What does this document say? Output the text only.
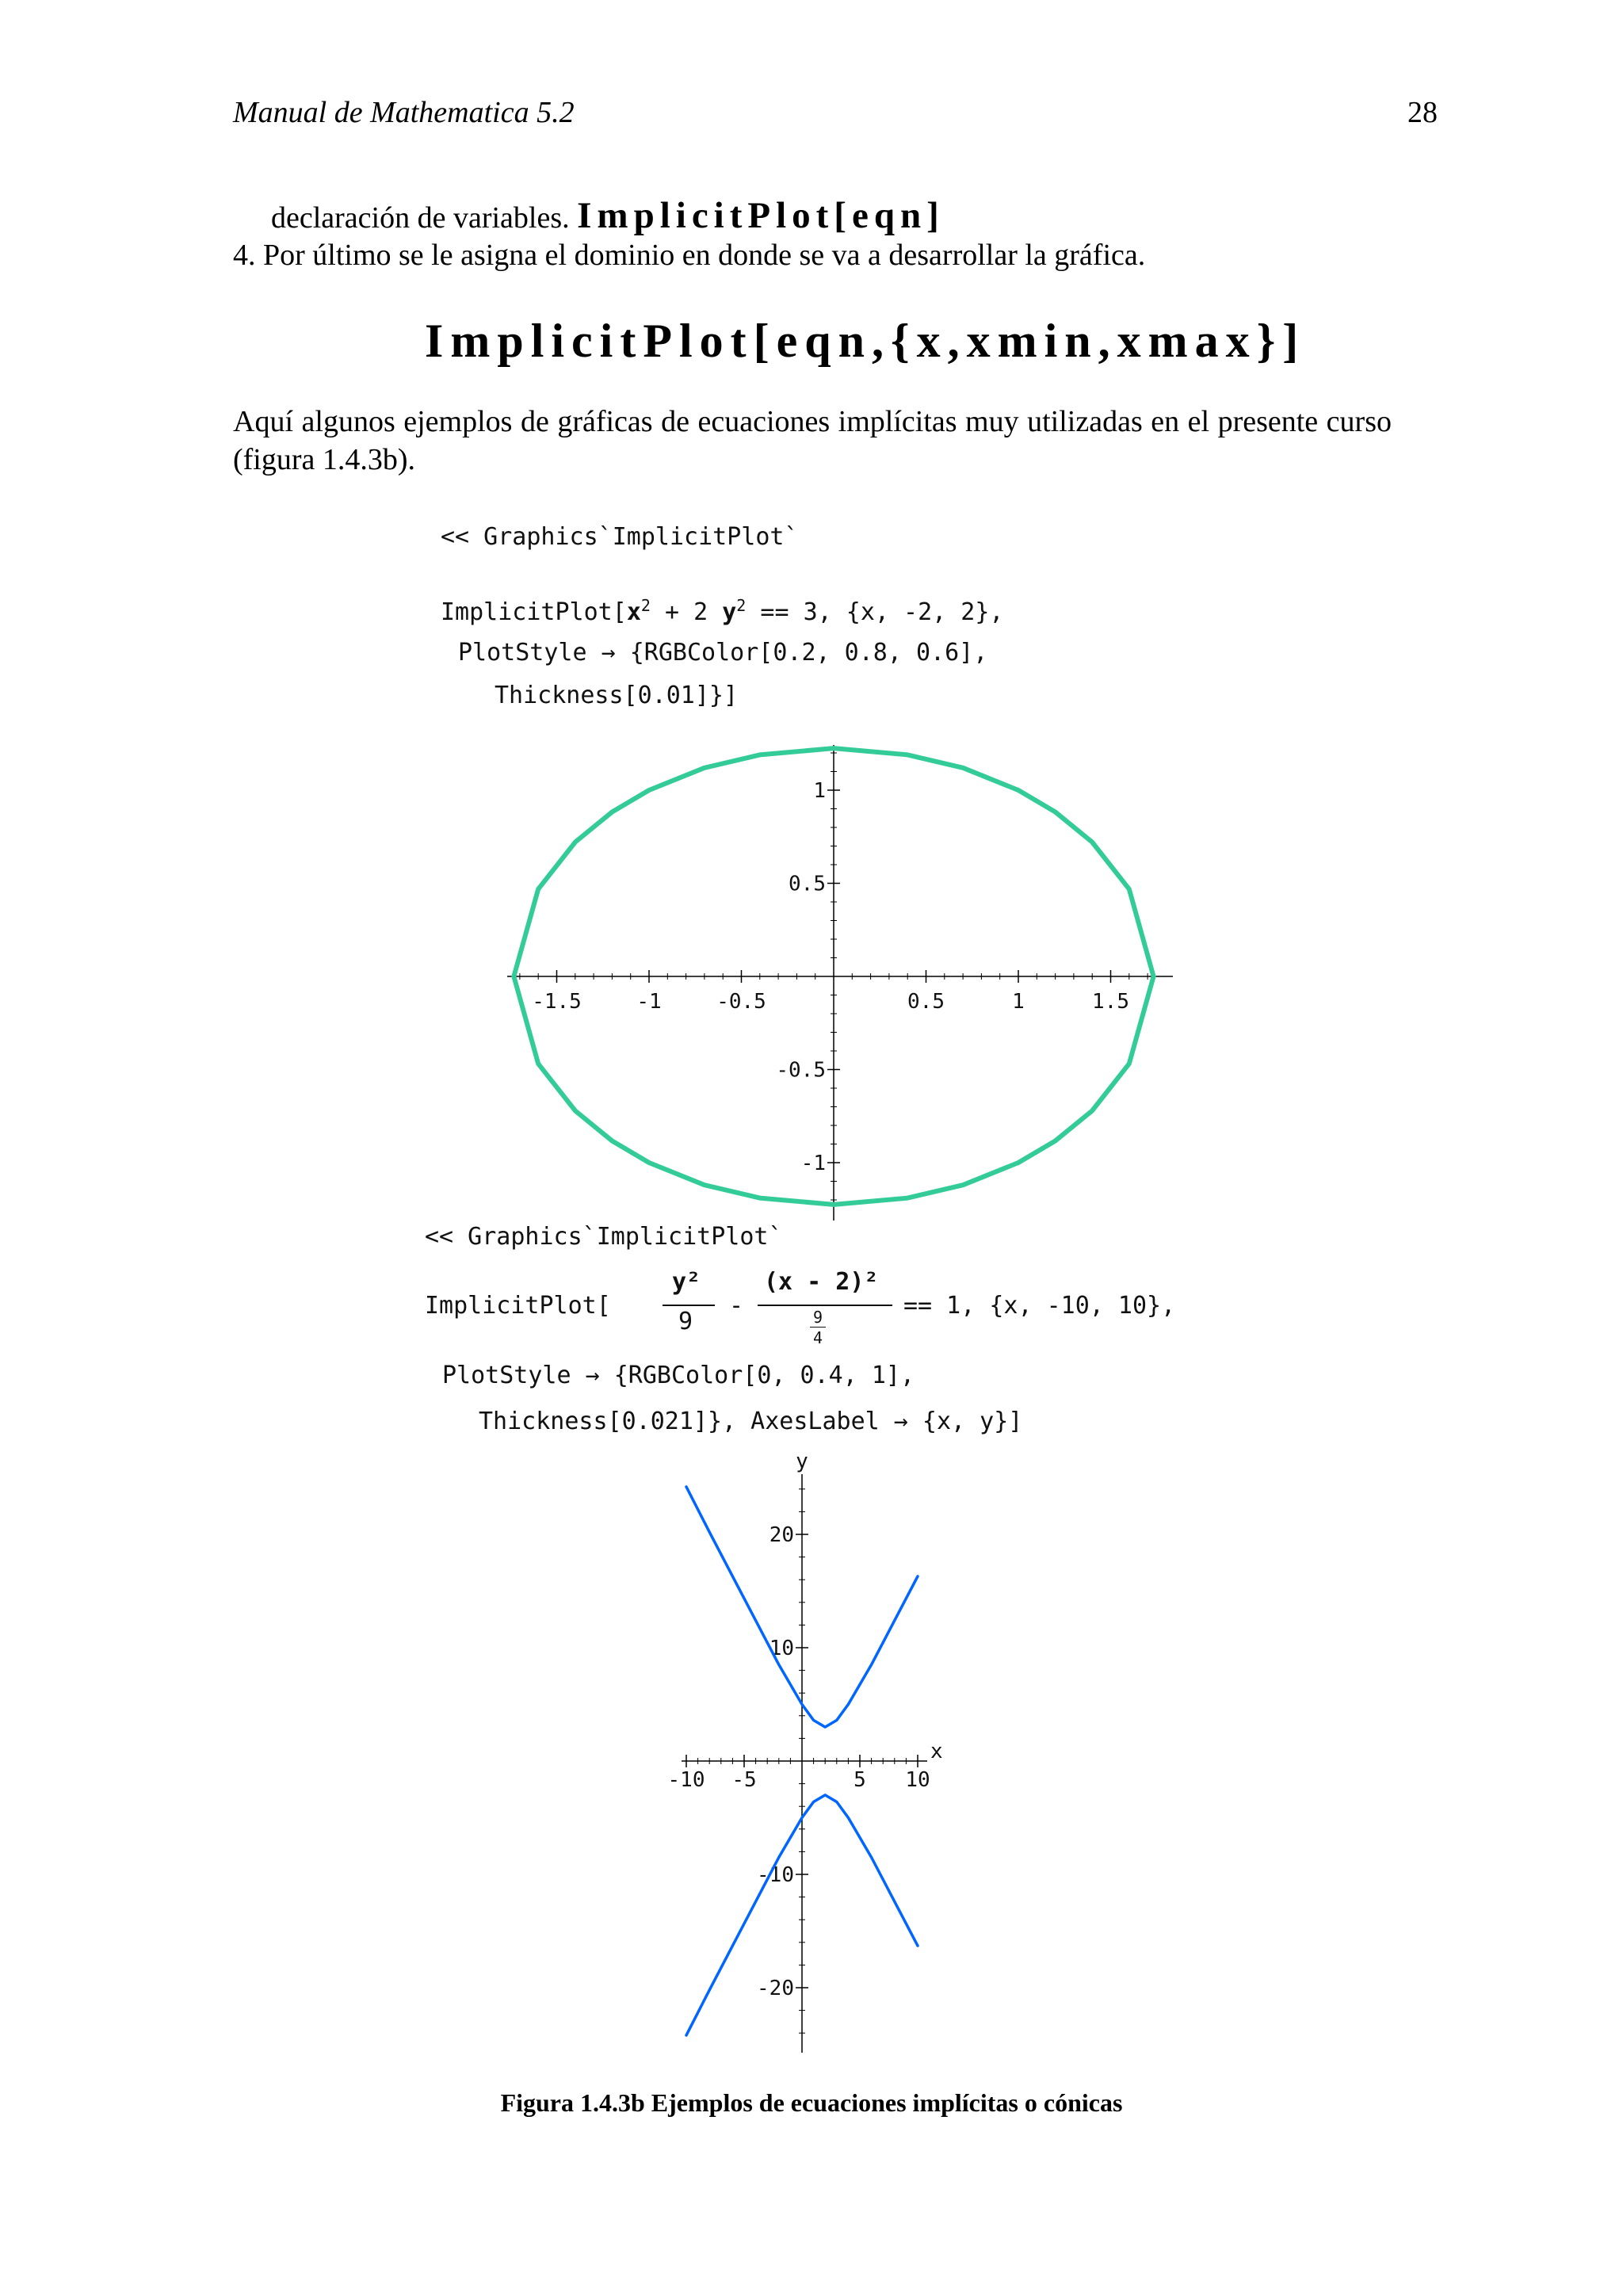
Manual de Mathematica 5.2	28
declaración de variables. ImplicitPlot[eqn]
4. Por último se le asigna el dominio en donde se va a desarrollar la gráfica.
ImplicitPlot[eqn,{x,xmin,xmax}]
Aquí algunos ejemplos de gráficas de ecuaciones implícitas muy utilizadas en el presente curso (figura 1.4.3b).
<< Graphics`ImplicitPlot`
$ImplicitPlot[x^2 + 2$ $y^2 == 3$, {x, -2, 2},
PlotStyle → {RGBColor[0.2, 0.8, 0.6],
Thickness[0.01]}]
-1.5	-1	-0.5	0.5	1	1.5
1
0.5
-0.5
-1
<< Graphics`ImplicitPlot`

ImplicitPlot[

y²

9

-

(x - 2)²

9

4

== 1, {x, -10, 10},

PlotStyle → {RGBColor[0, 0.4, 1],
Thickness[0.021]}, AxesLabel → {x, y}]
-10 -5	5 10
20
10
-10
-20
x
y
Figura 1.4.3b Ejemplos de ecuaciones implícitas o cónicas
